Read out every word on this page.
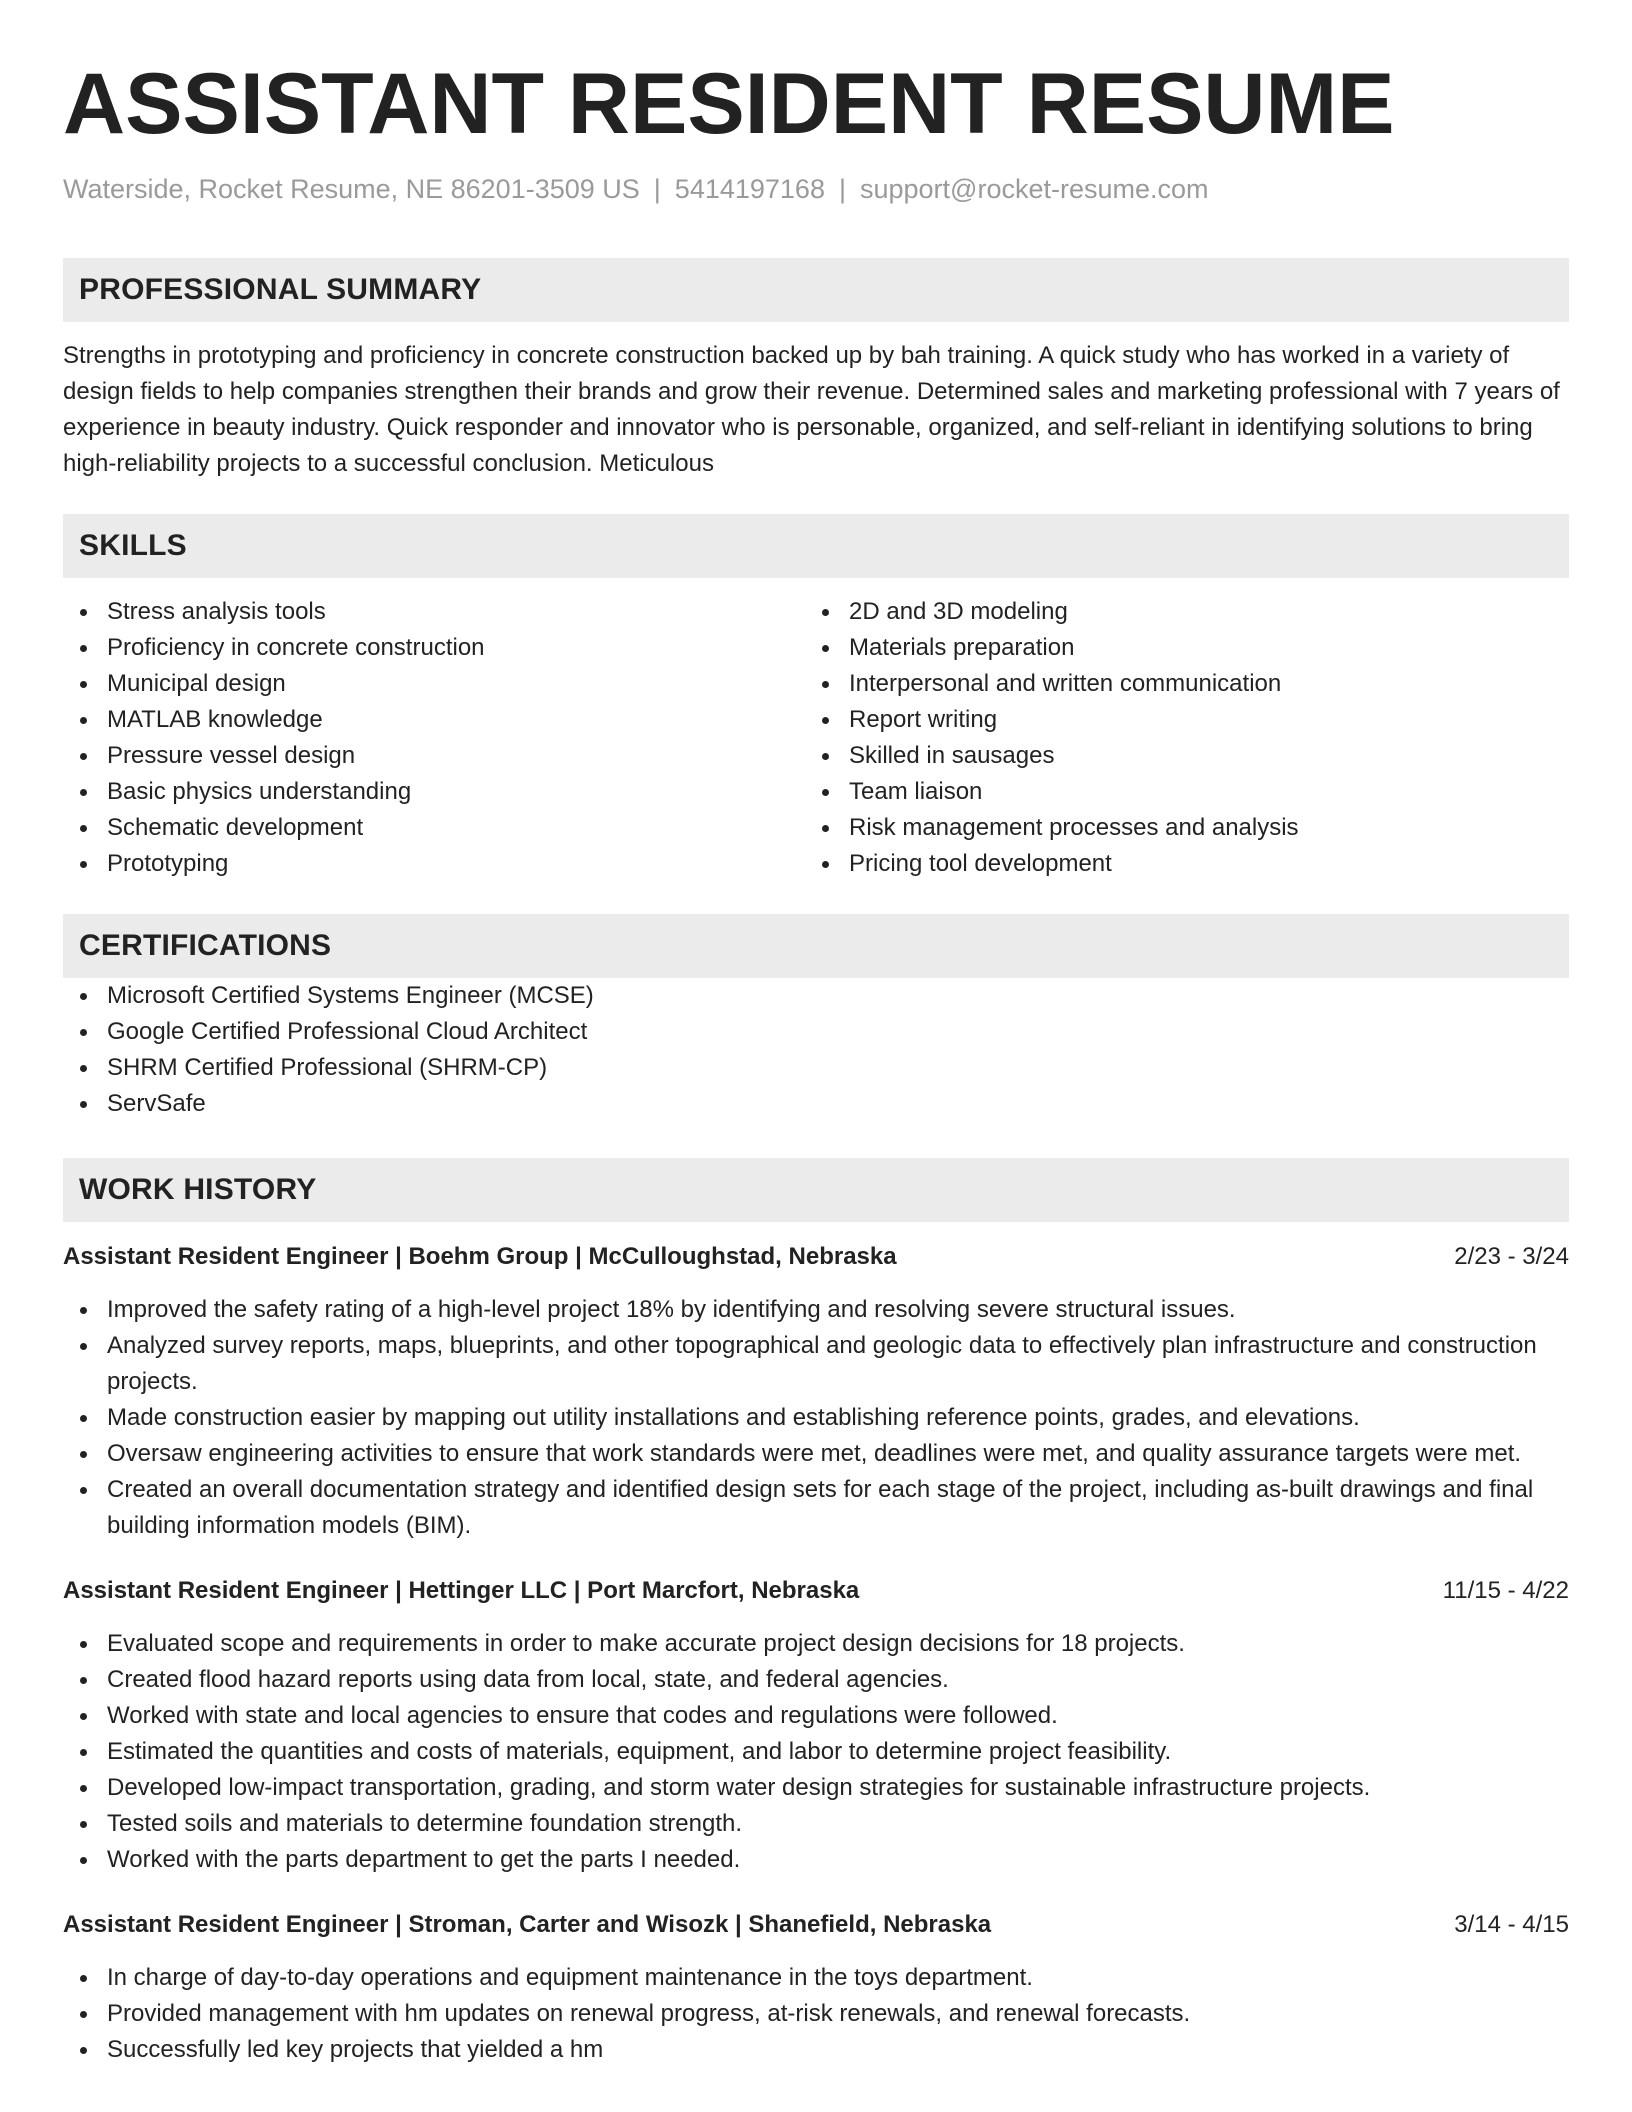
ASSISTANT RESIDENT RESUME
Waterside, Rocket Resume, NE 86201-3509 US | 5414197168 | support@rocket-resume.com
PROFESSIONAL SUMMARY

Strengths in prototyping and proficiency in concrete construction backed up by bah training. A quick study who has worked in a variety of design fields to help companies strengthen their brands and grow their revenue. Determined sales and marketing professional with 7 years of experience in beauty industry. Quick responder and innovator who is personable, organized, and self-reliant in identifying solutions to bring high-reliability projects to a successful conclusion. Meticulous

SKILLS
Stress analysis tools
Proficiency in concrete construction
Municipal design
MATLAB knowledge
Pressure vessel design
Basic physics understanding
Schematic development
Prototyping
2D and 3D modeling
Materials preparation
Interpersonal and written communication
Report writing
Skilled in sausages
Team liaison
Risk management processes and analysis
Pricing tool development
CERTIFICATIONS
Microsoft Certified Systems Engineer (MCSE)
Google Certified Professional Cloud Architect
SHRM Certified Professional (SHRM-CP)
ServSafe
WORK HISTORY
Assistant Resident Engineer | Boehm Group | McCulloughstad, Nebraska	2/23 - 3/24
Improved the safety rating of a high-level project 18% by identifying and resolving severe structural issues.
Analyzed survey reports, maps, blueprints, and other topographical and geologic data to effectively plan infrastructure and construction projects.
Made construction easier by mapping out utility installations and establishing reference points, grades, and elevations.
Oversaw engineering activities to ensure that work standards were met, deadlines were met, and quality assurance targets were met.
Created an overall documentation strategy and identified design sets for each stage of the project, including as-built drawings and final building information models (BIM).
Assistant Resident Engineer | Hettinger LLC | Port Marcfort, Nebraska	11/15 - 4/22
Evaluated scope and requirements in order to make accurate project design decisions for 18 projects.
Created flood hazard reports using data from local, state, and federal agencies.
Worked with state and local agencies to ensure that codes and regulations were followed.
Estimated the quantities and costs of materials, equipment, and labor to determine project feasibility.
Developed low-impact transportation, grading, and storm water design strategies for sustainable infrastructure projects.
Tested soils and materials to determine foundation strength.
Worked with the parts department to get the parts I needed.
Assistant Resident Engineer | Stroman, Carter and Wisozk | Shanefield, Nebraska	3/14 - 4/15
In charge of day-to-day operations and equipment maintenance in the toys department.
Provided management with hm updates on renewal progress, at-risk renewals, and renewal forecasts.
Successfully led key projects that yielded a hm
